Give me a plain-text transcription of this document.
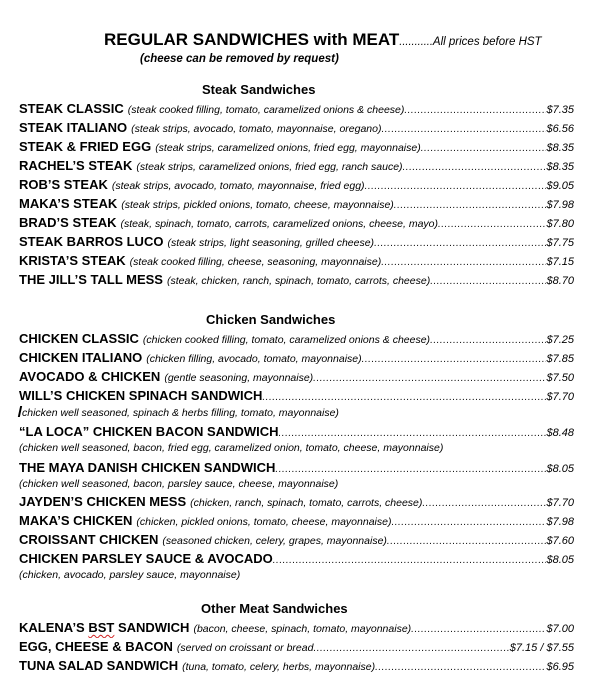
REGULAR SANDWICHES with MEAT...........All prices before HST
(cheese can be removed by request)
Steak Sandwiches
STEAK CLASSIC (steak cooked filling, tomato, caramelized onions & cheese) .....	$7.35
STEAK ITALIANO (steak strips, avocado, tomato, mayonnaise, oregano) .....	$6.56
STEAK & FRIED EGG (steak strips, caramelized onions, fried egg, mayonnaise) .....	$8.35
RACHEL’S STEAK (steak strips, caramelized onions, fried egg, ranch sauce) .....	$8.35
ROB’S STEAK (steak strips, avocado, tomato, mayonnaise, fried egg) .....	$9.05
MAKA’S STEAK (steak strips, pickled onions, tomato, cheese, mayonnaise) .....	$7.98
BRAD’S STEAK (steak, spinach, tomato, carrots, caramelized onions, cheese, mayo) .....	$7.80
STEAK BARROS LUCO (steak strips, light seasoning, grilled cheese) .....	$7.75
KRISTA’S STEAK (steak cooked filling, cheese, seasoning, mayonnaise) .....	$7.15
THE JILL’S TALL MESS (steak, chicken, ranch, spinach, tomato, carrots, cheese) .....	$8.70
Chicken Sandwiches
CHICKEN CLASSIC (chicken cooked filling, tomato, caramelized onions & cheese) .....	$7.25
CHICKEN ITALIANO (chicken filling, avocado, tomato, mayonnaise) .....	$7.85
AVOCADO & CHICKEN (gentle seasoning, mayonnaise) .....	$7.50
WILL’S CHICKEN SPINACH SANDWICH .....	$7.70
chicken well seasoned, spinach & herbs filling, tomato, mayonnaise)
“LA LOCA” CHICKEN BACON SANDWICH .....	$8.48
(chicken well seasoned, bacon, fried egg, caramelized onion, tomato, cheese, mayonnaise)
THE MAYA DANISH CHICKEN SANDWICH .....	$8.05
(chicken well seasoned, bacon, parsley sauce, cheese, mayonnaise)
JAYDEN’S CHICKEN MESS (chicken, ranch, spinach, tomato, carrots, cheese) .....	$7.70
MAKA’S CHICKEN (chicken, pickled onions, tomato, cheese, mayonnaise) .....	$7.98
CROISSANT CHICKEN (seasoned chicken, celery, grapes, mayonnaise) .....	$7.60
CHICKEN PARSLEY SAUCE & AVOCADO .....	$8.05
(chicken, avocado, parsley sauce, mayonnaise)
Other Meat Sandwiches
KALENA’S BST SANDWICH (bacon, cheese, spinach, tomato, mayonnaise) .....	$7.00
EGG, CHEESE & BACON (served on croissant or bread .....	$7.15 / $7.55
TUNA SALAD SANDWICH (tuna, tomato, celery, herbs, mayonnaise) .....	$6.95
